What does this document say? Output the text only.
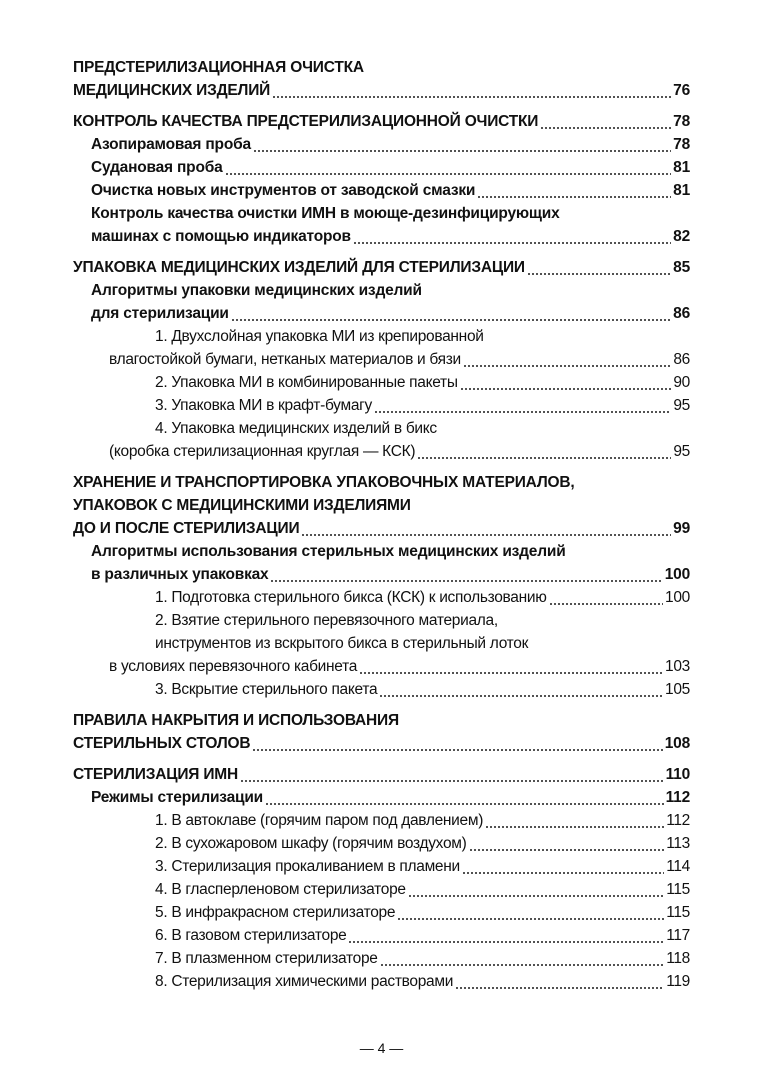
ПРЕДСТЕРИЛИЗАЦИОННАЯ ОЧИСТКА
МЕДИЦИНСКИХ ИЗДЕЛИЙ	76
КОНТРОЛЬ КАЧЕСТВА ПРЕДСТЕРИЛИЗАЦИОННОЙ ОЧИСТКИ	78
Азопирамовая проба	78
Судановая проба	81
Очистка новых инструментов от заводской смазки	81
Контроль качества очистки ИМН в моюще-дезинфицирующих
машинах с помощью индикаторов	82
УПАКОВКА МЕДИЦИНСКИХ ИЗДЕЛИЙ ДЛЯ СТЕРИЛИЗАЦИИ	85
Алгоритмы упаковки медицинских изделий
для стерилизации	86
1. Двухслойная упаковка МИ из крепированной
влагостойкой бумаги, нетканых материалов и бязи	86
2. Упаковка МИ в комбинированные пакеты	90
3. Упаковка МИ в крафт-бумагу	95
4. Упаковка медицинских изделий в бикс
(коробка стерилизационная круглая — КСК)	95
ХРАНЕНИЕ И ТРАНСПОРТИРОВКА УПАКОВОЧНЫХ МАТЕРИАЛОВ,
УПАКОВОК С МЕДИЦИНСКИМИ ИЗДЕЛИЯМИ
ДО И ПОСЛЕ СТЕРИЛИЗАЦИИ	99
Алгоритмы использования стерильных медицинских изделий
в различных упаковках	100
1. Подготовка стерильного бикса (КСК) к использованию	100
2. Взятие стерильного перевязочного материала,
инструментов из вскрытого бикса в стерильный лоток
в условиях перевязочного кабинета	103
3. Вскрытие стерильного пакета	105
ПРАВИЛА НАКРЫТИЯ И ИСПОЛЬЗОВАНИЯ
СТЕРИЛЬНЫХ СТОЛОВ	108
СТЕРИЛИЗАЦИЯ ИМН	110
Режимы стерилизации	112
1. В автоклаве (горячим паром под давлением)	112
2. В сухожаровом шкафу (горячим воздухом)	113
3. Стерилизация прокаливанием в пламени	114
4. В гласперленовом стерилизаторе	115
5. В инфракрасном стерилизаторе	115
6. В газовом стерилизаторе	117
7. В плазменном стерилизаторе	118
8. Стерилизация химическими растворами	119
— 4 —
